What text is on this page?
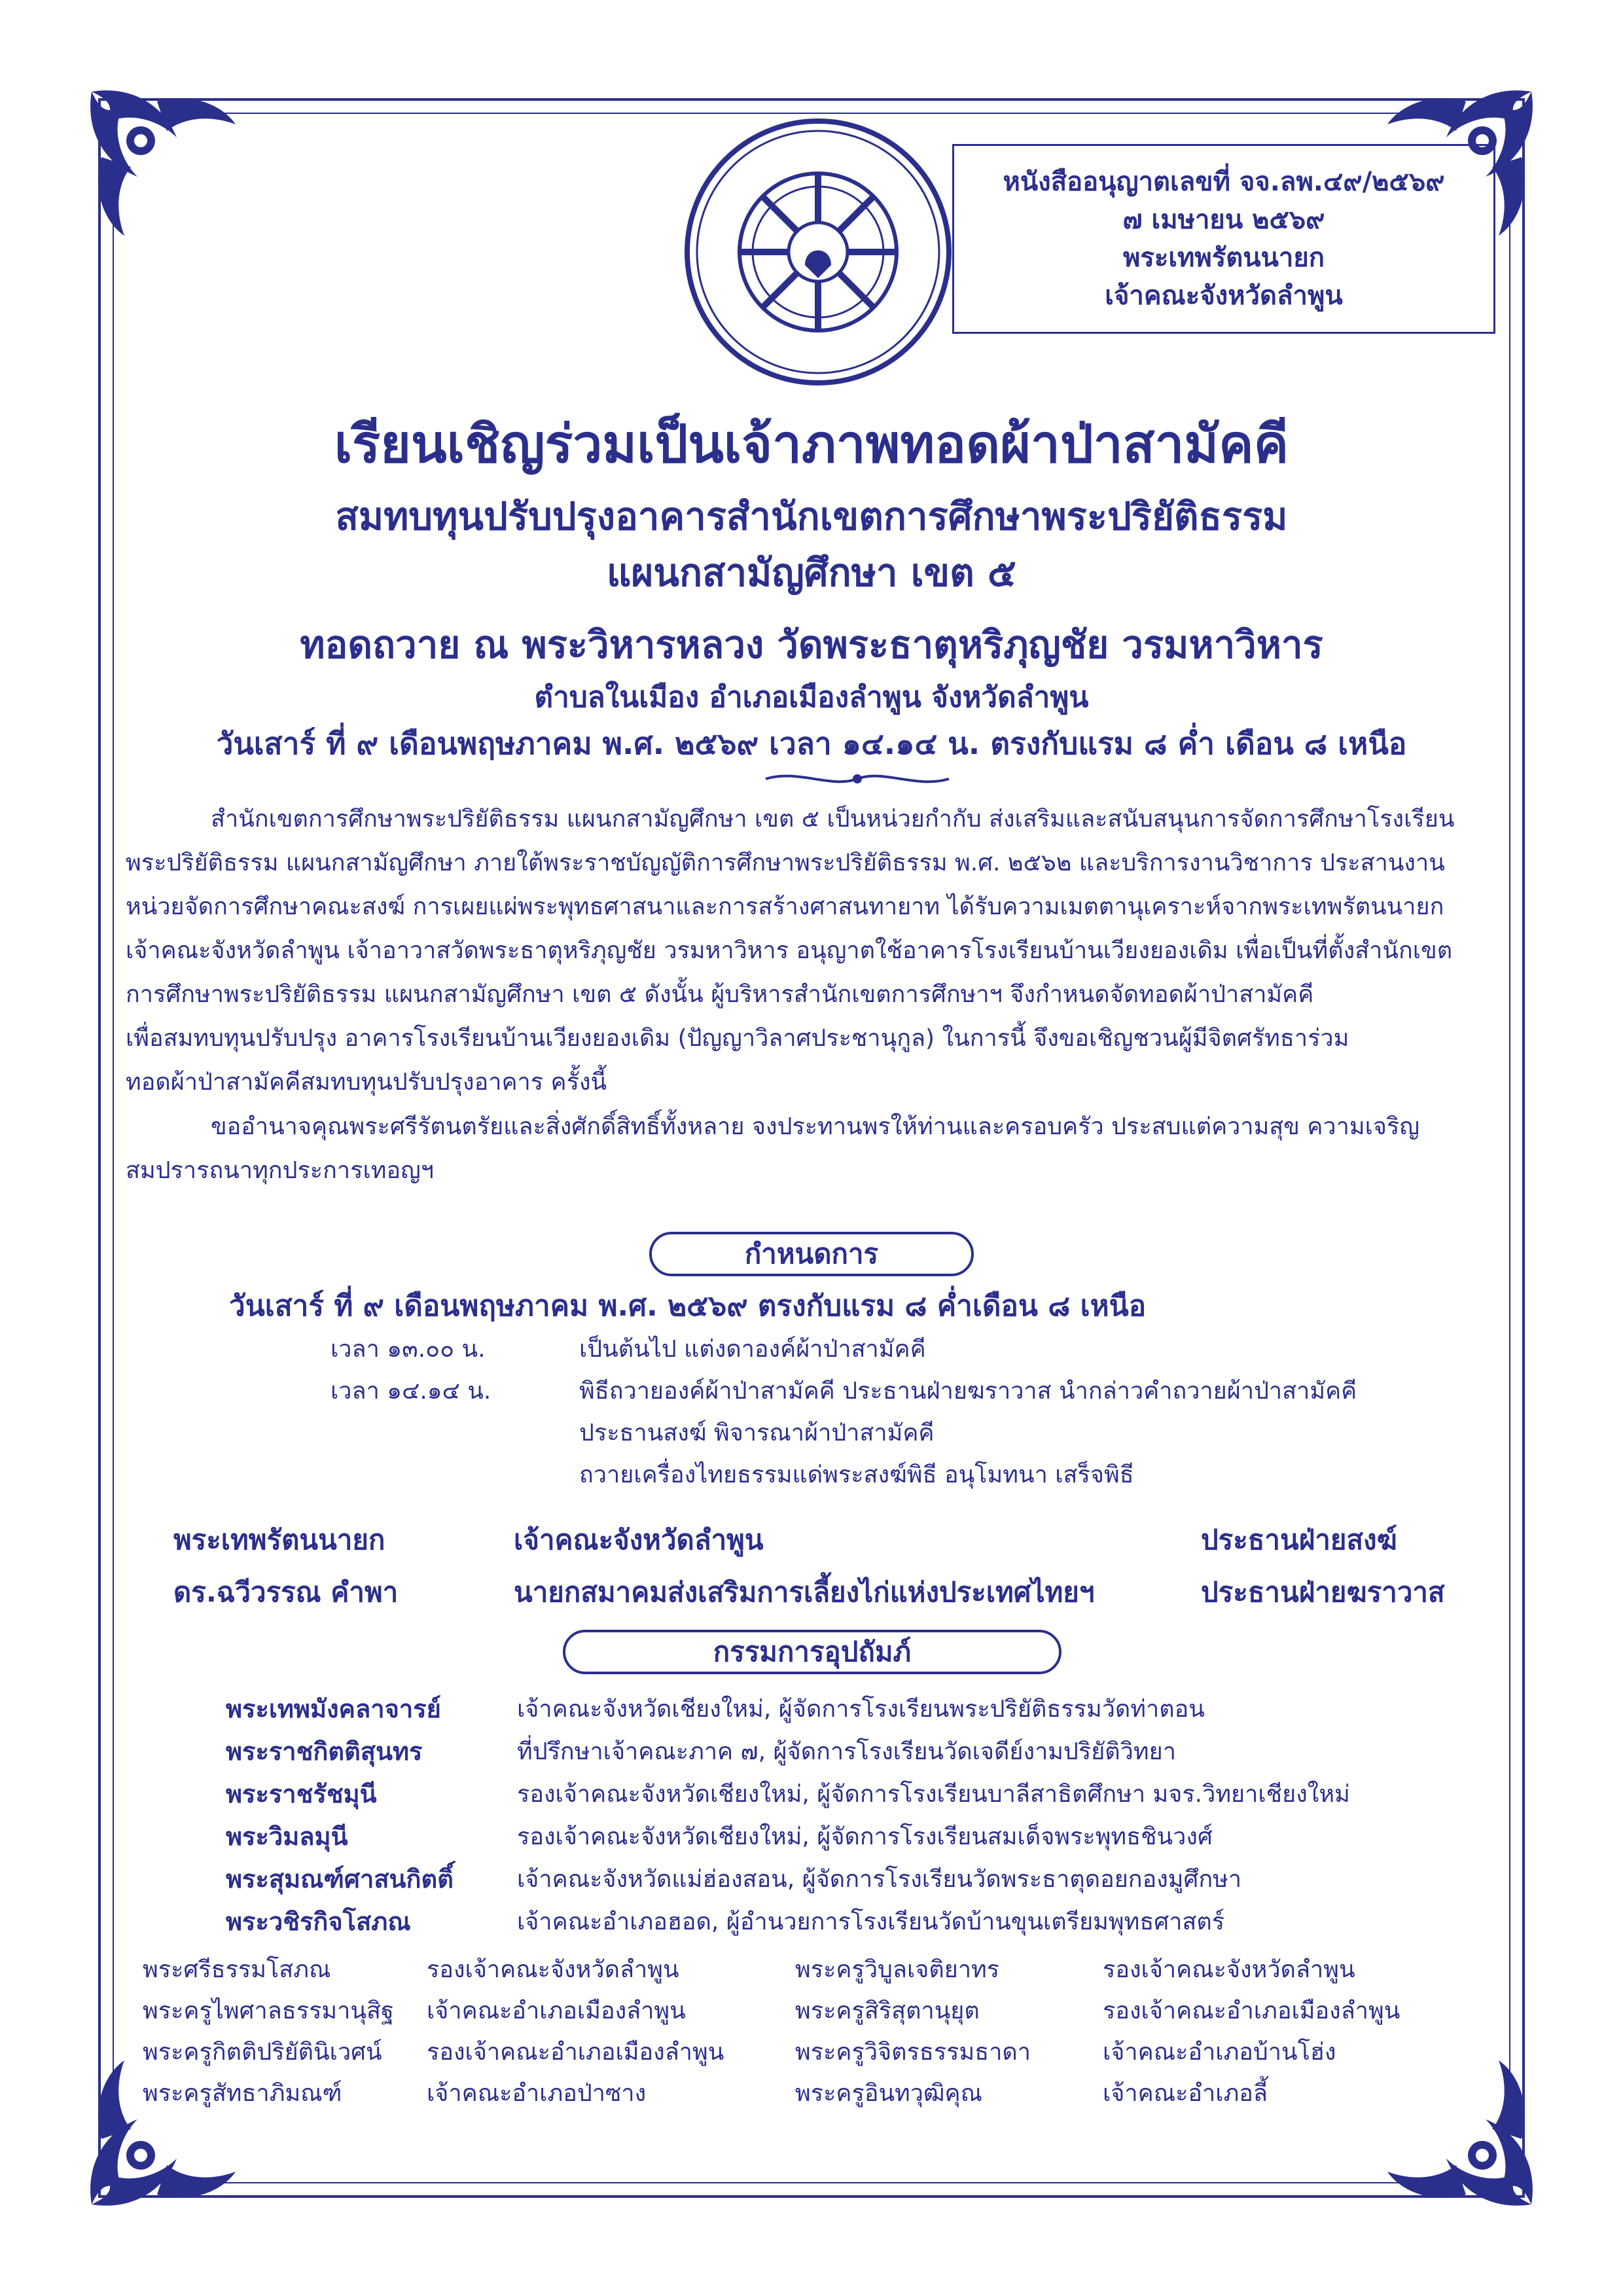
หนังสืออนุญาตเลขที่ จจ.ลพ.๔๙/๒๕๖๙
๗ เมษายน ๒๕๖๙
พระเทพรัตนนายก
เจ้าคณะจังหวัดลำพูน
เรียนเชิญร่วมเป็นเจ้าภาพทอดผ้าป่าสามัคคี
สมทบทุนปรับปรุงอาคารสำนักเขตการศึกษาพระปริยัติธรรม
แผนกสามัญศึกษา เขต ๕
ทอดถวาย ณ พระวิหารหลวง วัดพระธาตุหริภุญชัย วรมหาวิหาร
ตำบลในเมือง อำเภอเมืองลำพูน จังหวัดลำพูน
วันเสาร์ ที่ ๙ เดือนพฤษภาคม พ.ศ. ๒๕๖๙ เวลา ๑๔.๑๔ น. ตรงกับแรม ๘ ค่ำ เดือน ๘ เหนือ

สำนักเขตการศึกษาพระปริยัติธรรม แผนกสามัญศึกษา เขต ๕ เป็นหน่วยกำกับ ส่งเสริมและสนับสนุนการจัดการศึกษาโรงเรียน

พระปริยัติธรรม แผนกสามัญศึกษา ภายใต้พระราชบัญญัติการศึกษาพระปริยัติธรรม พ.ศ. ๒๕๖๒ และบริการงานวิชาการ ประสานงาน

หน่วยจัดการศึกษาคณะสงฆ์ การเผยแผ่พระพุทธศาสนาและการสร้างศาสนทายาท ได้รับความเมตตานุเคราะห์จากพระเทพรัตนนายก

เจ้าคณะจังหวัดลำพูน เจ้าอาวาสวัดพระธาตุหริภุญชัย วรมหาวิหาร อนุญาตใช้อาคารโรงเรียนบ้านเวียงยองเดิม เพื่อเป็นที่ตั้งสำนักเขต

การศึกษาพระปริยัติธรรม แผนกสามัญศึกษา เขต ๕ ดังนั้น ผู้บริหารสำนักเขตการศึกษาฯ จึงกำหนดจัดทอดผ้าป่าสามัคคี

เพื่อสมทบทุนปรับปรุง อาคารโรงเรียนบ้านเวียงยองเดิม (ปัญญาวิลาศประชานุกูล) ในการนี้ จึงขอเชิญชวนผู้มีจิตศรัทธาร่วม

ทอดผ้าป่าสามัคคีสมทบทุนปรับปรุงอาคาร ครั้งนี้

ขออำนาจคุณพระศรีรัตนตรัยและสิ่งศักดิ์สิทธิ์ทั้งหลาย จงประทานพรให้ท่านและครอบครัว ประสบแต่ความสุข ความเจริญ

สมปรารถนาทุกประการเทอญฯ

กำหนดการ
วันเสาร์ ที่ ๙ เดือนพฤษภาคม พ.ศ. ๒๕๖๙ ตรงกับแรม ๘ ค่ำเดือน ๘ เหนือ
เวลา ๑๓.๐๐ น.	เป็นต้นไป แต่งดาองค์ผ้าป่าสามัคคี
เวลา ๑๔.๑๔ น.	พิธีถวายองค์ผ้าป่าสามัคคี ประธานฝ่ายฆราวาส นำกล่าวคำถวายผ้าป่าสามัคคี
ประธานสงฆ์ พิจารณาผ้าป่าสามัคคี
ถวายเครื่องไทยธรรมแด่พระสงฆ์พิธี อนุโมทนา เสร็จพิธี
พระเทพรัตนนายก	เจ้าคณะจังหวัดลำพูน	ประธานฝ่ายสงฆ์
ดร.ฉวีวรรณ คำพา	นายกสมาคมส่งเสริมการเลี้ยงไก่แห่งประเทศไทยฯ	ประธานฝ่ายฆราวาส
กรรมการอุปถัมภ์
พระเทพมังคลาจารย์	เจ้าคณะจังหวัดเชียงใหม่, ผู้จัดการโรงเรียนพระปริยัติธรรมวัดท่าตอน
พระราชกิตติสุนทร	ที่ปรึกษาเจ้าคณะภาค ๗, ผู้จัดการโรงเรียนวัดเจดีย์งามปริยัติวิทยา
พระราชรัชมุนี	รองเจ้าคณะจังหวัดเชียงใหม่, ผู้จัดการโรงเรียนบาลีสาธิตศึกษา มจร.วิทยาเชียงใหม่
พระวิมลมุนี	รองเจ้าคณะจังหวัดเชียงใหม่, ผู้จัดการโรงเรียนสมเด็จพระพุทธชินวงศ์
พระสุมณฑ์ศาสนกิตติ์	เจ้าคณะจังหวัดแม่ฮ่องสอน, ผู้จัดการโรงเรียนวัดพระธาตุดอยกองมูศึกษา
พระวชิรกิจโสภณ	เจ้าคณะอำเภอฮอด, ผู้อำนวยการโรงเรียนวัดบ้านขุนเตรียมพุทธศาสตร์
พระศรีธรรมโสภณ	รองเจ้าคณะจังหวัดลำพูน	พระครูวิบูลเจติยาทร	รองเจ้าคณะจังหวัดลำพูน
พระครูไพศาลธรรมานุสิฐ เจ้าคณะอำเภอเมืองลำพูน	พระครูสิริสุตานุยุต	รองเจ้าคณะอำเภอเมืองลำพูน
พระครูกิตติปริยัตินิเวศน์ รองเจ้าคณะอำเภอเมืองลำพูน	พระครูวิจิตรธรรมธาดา	เจ้าคณะอำเภอบ้านโฮ่ง
พระครูสัทธาภิมณฑ์	เจ้าคณะอำเภอป่าซาง	พระครูอินทวุฒิคุณ	เจ้าคณะอำเภอลี้
